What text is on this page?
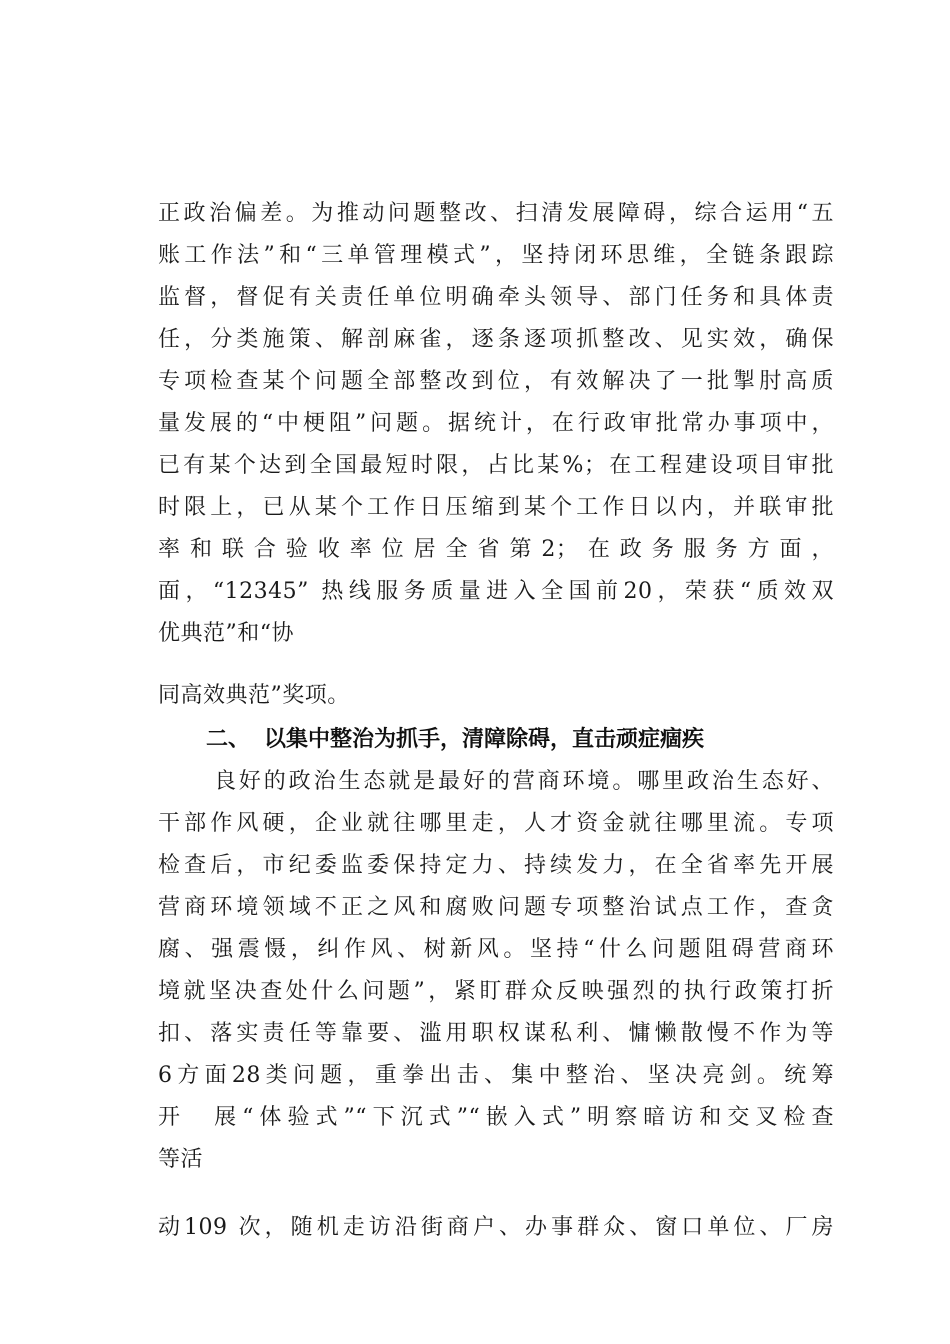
正政治偏差。为推动问题整改、扫清发展障碍，综合运用“五
账工作法”和“三单管理模式”，坚持闭环思维，全链条跟踪
监督，督促有关责任单位明确牵头领导、部门任务和具体责
任，分类施策、解剖麻雀，逐条逐项抓整改、见实效，确保
专项检查某个问题全部整改到位，有效解决了一批掣肘高质
量发展的“中梗阻”问题。据统计，在行政审批常办事项中，
已有某个达到全国最短时限，占比某%；在工程建设项目审批
时限上，已从某个工作日压缩到某个工作日以内，并联审批
率和联合验收率位居全省第2；在政务服务方面，
面，“12345” 热线服务质量进入全国前20，荣获“质效双
优典范”和“协
同高效典范”奖项。
二、 以集中整治为抓手，清障除碍，直击顽症痼疾
良好的政治生态就是最好的营商环境。哪里政治生态好、
干部作风硬，企业就往哪里走，人才资金就往哪里流。专项
检查后，市纪委监委保持定力、持续发力，在全省率先开展
营商环境领域不正之风和腐败问题专项整治试点工作，查贪
腐、强震慑，纠作风、树新风。坚持“什么问题阻碍营商环
境就坚决查处什么问题”，紧盯群众反映强烈的执行政策打折
扣、落实责任等靠要、滥用职权谋私利、慵懒散慢不作为等
6方面28类问题，重拳出击、集中整治、坚决亮剑。统筹
开　展“体验式”“下沉式”“嵌入式”明察暗访和交叉检查
等活
动109 次，随机走访沿街商户、办事群众、窗口单位、厂房
